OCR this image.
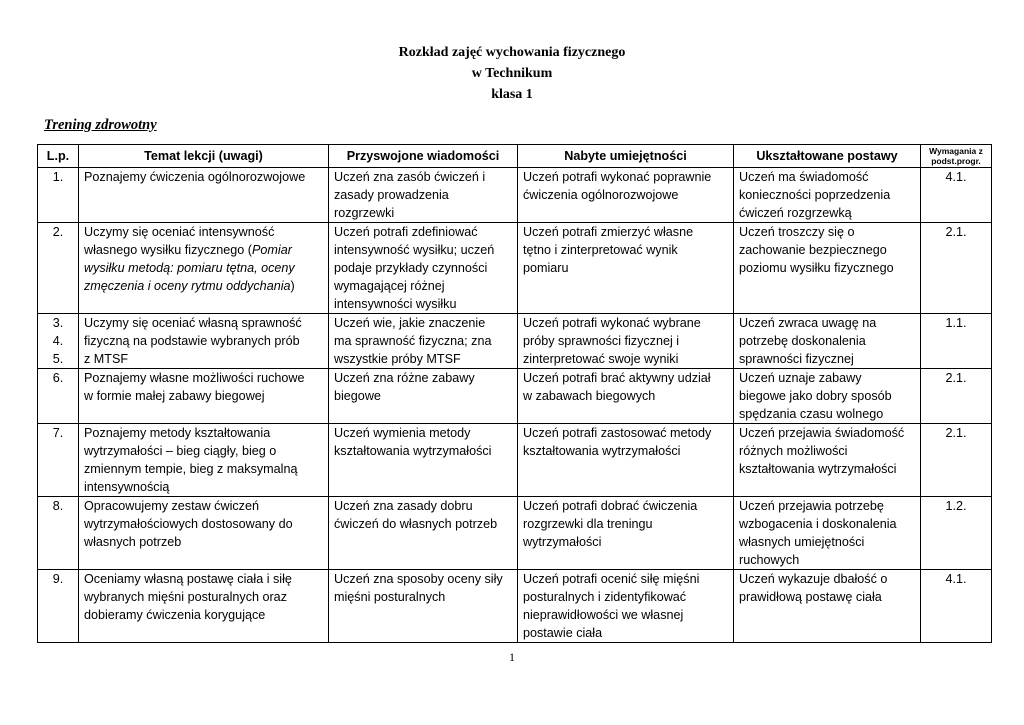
Rozkład zajęć wychowania fizycznego
w Technikum
klasa 1
Trening zdrowotny
L.p.	Temat lekcji (uwagi)	Przyswojone wiadomości	Nabyte umiejętności	Ukształtowane postawy	Wymagania z podst.progr.

1.	Poznajemy ćwiczenia ogólnorozwojowe	Uczeń zna zasób ćwiczeń i
zasady prowadzenia
rozgrzewki	Uczeń potrafi wykonać poprawnie
ćwiczenia ogólnorozwojowe	Uczeń ma świadomość
konieczności poprzedzenia
ćwiczeń rozgrzewką	4.1.

2.	Uczymy się oceniać intensywność
własnego wysiłku fizycznego (Pomiar
wysiłku metodą: pomiaru tętna, oceny
zmęczenia i oceny rytmu oddychania)	Uczeń potrafi zdefiniować
intensywność wysiłku; uczeń
podaje przykłady czynności
wymagającej różnej
intensywności wysiłku	Uczeń potrafi zmierzyć własne
tętno i zinterpretować wynik
pomiaru	Uczeń troszczy się o
zachowanie bezpiecznego
poziomu wysiłku fizycznego	2.1.

3.
4.
5.	Uczymy się oceniać własną sprawność
fizyczną na podstawie wybranych prób
z MTSF	Uczeń wie, jakie znaczenie
ma sprawność fizyczna; zna
wszystkie próby MTSF	Uczeń potrafi wykonać wybrane
próby sprawności fizycznej i
zinterpretować swoje wyniki	Uczeń zwraca uwagę na
potrzebę doskonalenia
sprawności fizycznej	1.1.

6.	Poznajemy własne możliwości ruchowe
w formie małej zabawy biegowej	Uczeń zna różne zabawy
biegowe	Uczeń potrafi brać aktywny udział
w zabawach biegowych	Uczeń uznaje zabawy
biegowe jako dobry sposób
spędzania czasu wolnego	2.1.

7.	Poznajemy metody kształtowania
wytrzymałości – bieg ciągły, bieg o
zmiennym tempie, bieg z maksymalną
intensywnością	Uczeń wymienia metody
kształtowania wytrzymałości	Uczeń potrafi zastosować metody
kształtowania wytrzymałości	Uczeń przejawia świadomość
różnych możliwości
kształtowania wytrzymałości	2.1.

8.	Opracowujemy zestaw ćwiczeń
wytrzymałościowych dostosowany do
własnych potrzeb	Uczeń zna zasady dobru
ćwiczeń do własnych potrzeb	Uczeń potrafi dobrać ćwiczenia
rozgrzewki dla treningu
wytrzymałości	Uczeń przejawia potrzebę
wzbogacenia i doskonalenia
własnych umiejętności
ruchowych	1.2.

9.	Oceniamy własną postawę ciała i siłę
wybranych mięśni posturalnych oraz
dobieramy ćwiczenia korygujące	Uczeń zna sposoby oceny siły
mięśni posturalnych	Uczeń potrafi ocenić siłę mięśni
posturalnych i zidentyfikować
nieprawidłowości we własnej
postawie ciała	Uczeń wykazuje dbałość o
prawidłową postawę ciała	4.1.
1
